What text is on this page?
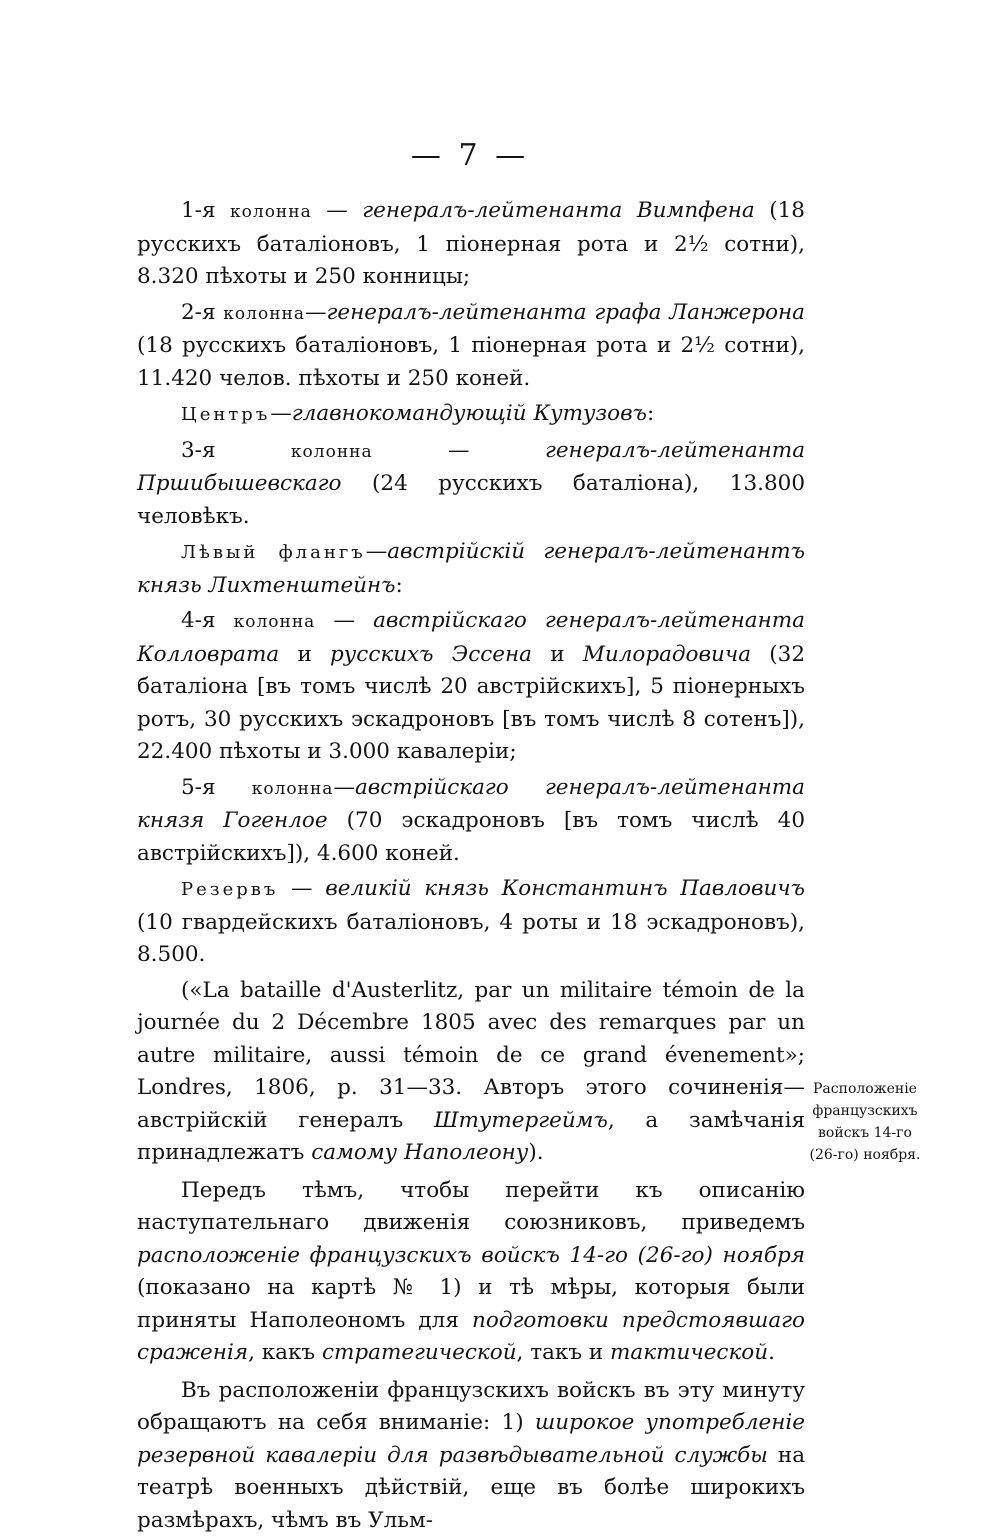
— 7 —

1-я колонна — генералъ-лейтенанта Вимпфена (18 русскихъ баталіоновъ, 1 піонерная рота и 2½ сотни), 8.320 пѣхоты и 250 конницы;

2-я колонна—генералъ-лейтенанта графа Ланжерона (18 русскихъ баталіоновъ, 1 піонерная рота и 2½ сотни), 11.420 челов. пѣхоты и 250 коней.

Центръ—главнокомандующій Кутузовъ:

3-я колонна — генералъ-лейтенанта Пршибышевскаго (24 русскихъ баталіона), 13.800 человѣкъ.

Лѣвый флангъ—австрійскій генералъ-лейтенантъ князь Лихтенштейнъ:

4-я колонна — австрійскаго генералъ-лейтенанта Колловрата и русскихъ Эссена и Милорадовича (32 баталіона [въ томъ числѣ 20 австрійскихъ], 5 піонерныхъ ротъ, 30 русскихъ эскадроновъ [въ томъ числѣ 8 сотенъ]), 22.400 пѣхоты и 3.000 кавалеріи;

5-я колонна—австрійскаго генералъ-лейтенанта князя Гогенлое (70 эскадроновъ [въ томъ числѣ 40 австрійскихъ]), 4.600 коней.

Резервъ — великій князь Константинъ Павловичъ (10 гвардейскихъ баталіоновъ, 4 роты и 18 эскадроновъ), 8.500.

(«La bataille d'Austerlitz, par un militaire témoin de la journée du 2 Décembre 1805 avec des remarques par un autre militaire, aussi témoin de ce grand évenement»; Londres, 1806, p. 31—33. Авторъ этого сочиненія—австрійскій генералъ Штутергеймъ, а замѣчанія принадлежатъ самому Наполеону).

Передъ тѣмъ, чтобы перейти къ описанію наступательнаго движенія союзниковъ, приведемъ расположеніе французскихъ войскъ 14-го (26-го) ноября (показано на картѣ № 1) и тѣ мѣры, которыя были приняты Наполеономъ для подготовки предстоявшаго сраженія, какъ стратегической, такъ и тактической.

Въ расположеніи французскихъ войскъ въ эту минуту обращаютъ на себя вниманіе: 1) широкое употребленіе резервной кавалеріи для развѣдывательной службы на театрѣ военныхъ дѣйствій, еще въ болѣе широкихъ размѣрахъ, чѣмъ въ Ульм-

Расположеніе французскихъ войскъ 14-го (26-го) ноября.
